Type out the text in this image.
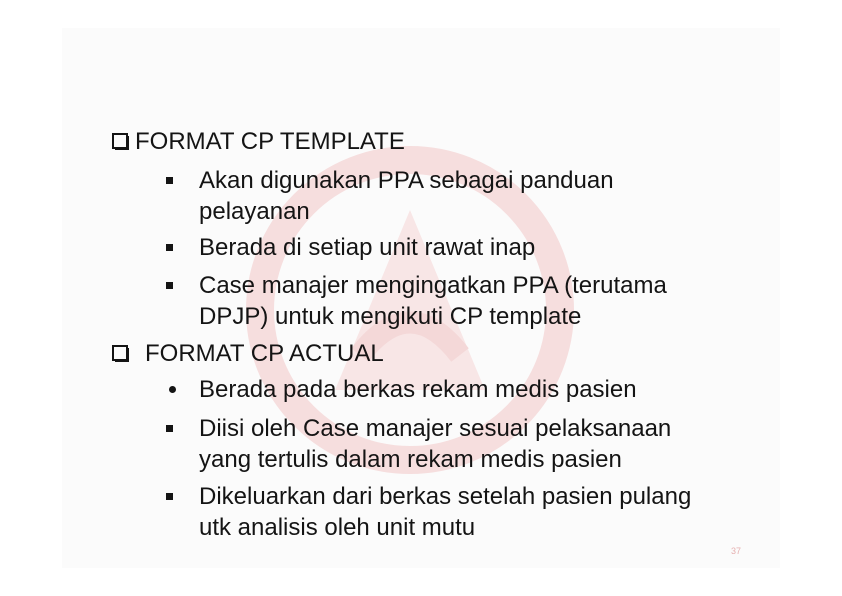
FORMAT CP TEMPLATE
Akan digunakan PPA sebagai panduan
pelayanan
Berada di setiap unit rawat inap
Case manajer mengingatkan PPA (terutama
DPJP) untuk mengikuti CP template
FORMAT CP ACTUAL
Berada pada berkas rekam medis pasien
Diisi oleh Case manajer sesuai pelaksanaan
yang tertulis dalam rekam medis pasien
Dikeluarkan dari berkas setelah pasien pulang
utk analisis oleh unit mutu
37
